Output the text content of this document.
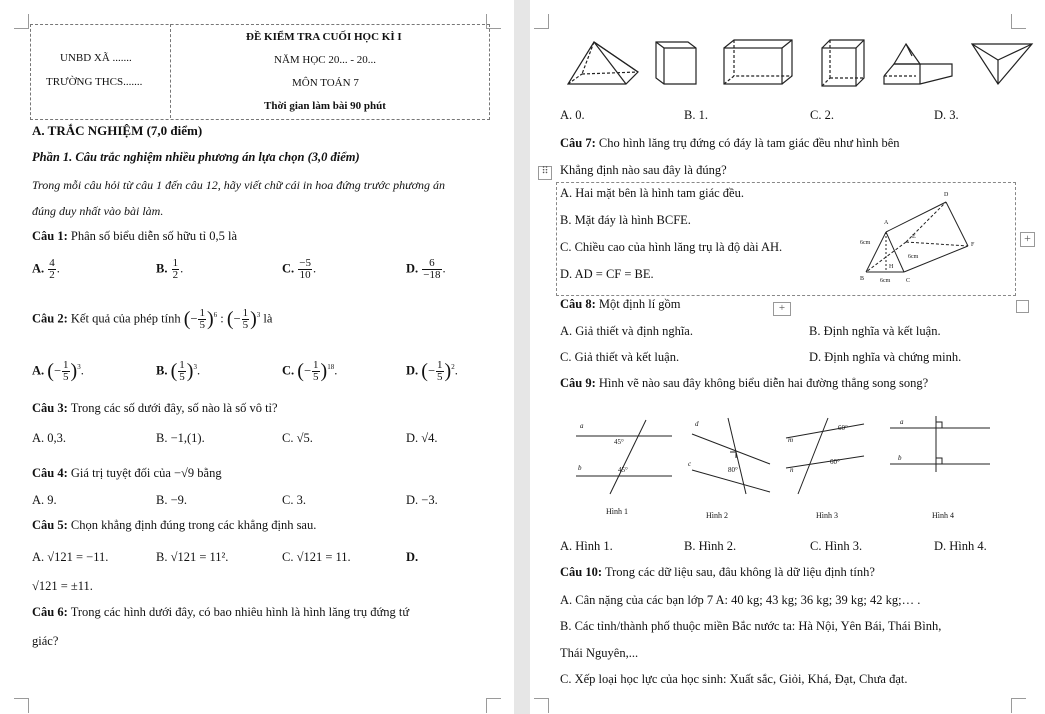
UNBD XÃ .......
TRƯỜNG THCS.......
ĐỀ KIỂM TRA CUỐI HỌC KÌ I
NĂM HỌC 20... - 20...
MÔN TOÁN 7
Thời gian làm bài 90 phút
A. TRẮC NGHIỆM (7,0 điểm)
Phần 1. Câu trắc nghiệm nhiều phương án lựa chọn (3,0 điểm)
Trong mỗi câu hỏi từ câu 1 đến câu 12, hãy viết chữ cái in hoa đứng trước phương án
đúng duy nhất vào bài làm.
Câu 1: Phân số biểu diễn số hữu tỉ 0,5 là
A. $\frac{4}{2}$ .	B. $\frac{1}{2}$ .	C. $\frac{-5}{10}$ .	D. $\frac{6}{-18}$ .
Câu 2: Kết quả của phép tính (− $\frac{1}{5} )^6$ : (− $\frac{1}{5} )^3$ là
A. (− $\frac{1}{5} )^3$.	B. ( $\frac{1}{5} )^3$.	C. (− $\frac{1}{5} )^{18}$.	D. (− $\frac{1}{5} )^2$.
Câu 3: Trong các số dưới đây, số nào là số vô tỉ?
A. 0,3.	B. −1,(1).	C. √5.	D. √4.
Câu 4: Giá trị tuyệt đối của −√9 bằng
A. 9.	B. −9.	C. 3.	D. −3.
Câu 5: Chọn khẳng định đúng trong các khẳng định sau.
A. √121 = −11.	B. √121 = 11².	C. √121 = 11.	D.
√121 = ±11.
Câu 6: Trong các hình dưới đây, có bao nhiêu hình là hình lăng trụ đứng tứ
giác?
A. 0.	B. 1.	C. 2.	D. 3.
Câu 7: Cho hình lăng trụ đứng có đáy là tam giác đều như hình bên
⠿ Khẳng định nào sau đây là đúng?
A. Hai mặt bên là hình tam giác đều.
B. Mặt đáy là hình BCFE.
C. Chiều cao của hình lăng trụ là độ dài AH.
D. AD = CF = BE.
D
A
E
F
B	C
H
6cm
6cm
6cm
+
+
Câu 8: Một định lí gồm
A. Giả thiết và định nghĩa.	B. Định nghĩa và kết luận.
C. Giả thiết và kết luận.	D. Định nghĩa và chứng minh.
Câu 9: Hình vẽ nào sau đây không biểu diễn hai đường thẳng song song?
a
b
45°
45°
d
c
80°
m
n
60°
60°
a
b
Hình 1	Hình 2	Hình 3	Hình 4
A. Hình 1.	B. Hình 2.	C. Hình 3.	D. Hình 4.
Câu 10: Trong các dữ liệu sau, đâu không là dữ liệu định tính?
A. Cân nặng của các bạn lớp 7 A: 40 kg; 43 kg; 36 kg; 39 kg; 42 kg;… .
B. Các tỉnh/thành phố thuộc miền Bắc nước ta: Hà Nội, Yên Bái, Thái Bình,
Thái Nguyên,...
C. Xếp loại học lực của học sinh: Xuất sắc, Giỏi, Khá, Đạt, Chưa đạt.
